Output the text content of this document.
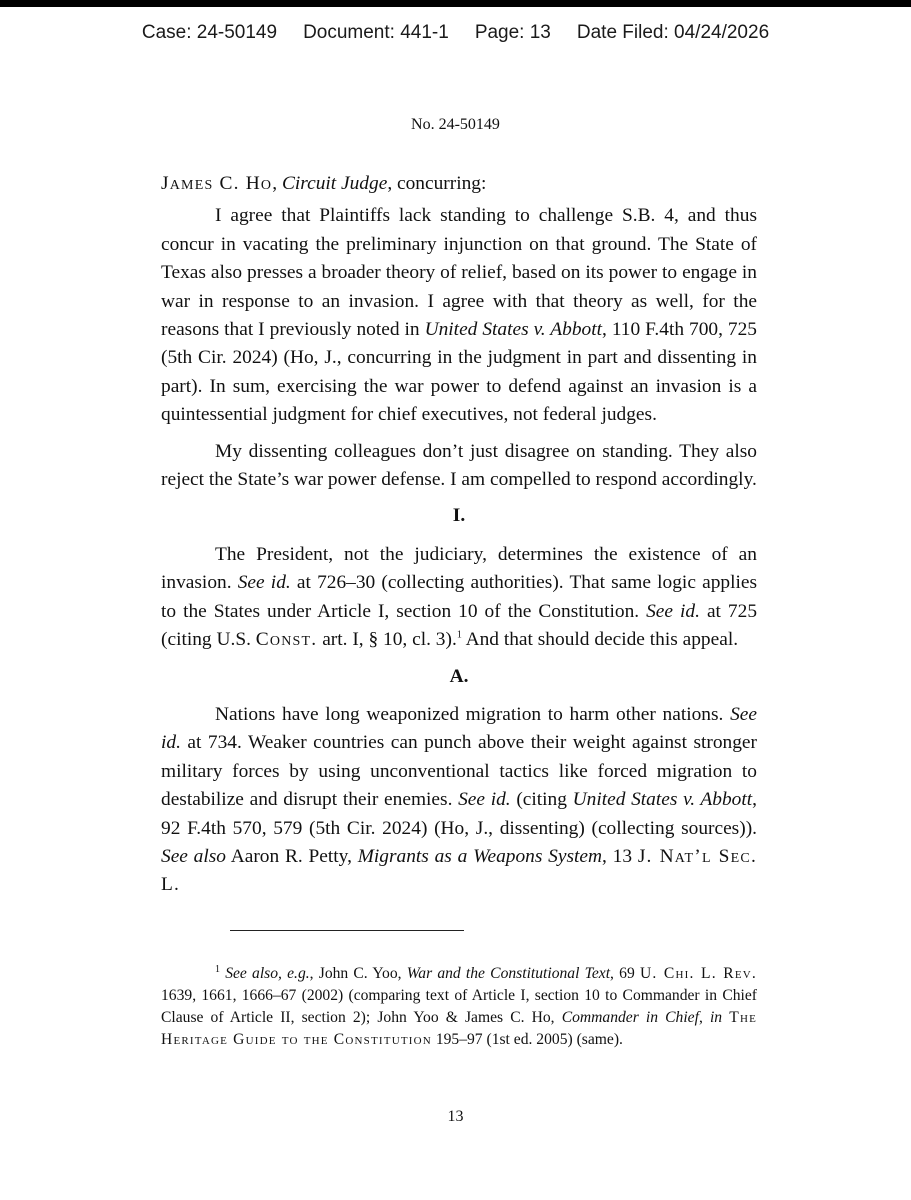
Case: 24-50149 Document: 441-1 Page: 13 Date Filed: 04/24/2026
No. 24-50149

James C. Ho, Circuit Judge, concurring:

I agree that Plaintiffs lack standing to challenge S.B. 4, and thus concur in vacating the preliminary injunction on that ground. The State of Texas also presses a broader theory of relief, based on its power to engage in war in response to an invasion. I agree with that theory as well, for the reasons that I previously noted in United States v. Abbott, 110 F.4th 700, 725 (5th Cir. 2024) (Ho, J., concurring in the judgment in part and dissenting in part). In sum, exercising the war power to defend against an invasion is a quintessential judgment for chief executives, not federal judges.

My dissenting colleagues don’t just disagree on standing. They also reject the State’s war power defense. I am compelled to respond accordingly.

I.

The President, not the judiciary, determines the existence of an invasion. See id. at 726–30 (collecting authorities). That same logic applies to the States under Article I, section 10 of the Constitution. See id. at 725 (citing U.S. Const. art. I, § 10, cl. 3).$^1$ And that should decide this appeal.

A.

Nations have long weaponized migration to harm other nations. See id. at 734. Weaker countries can punch above their weight against stronger military forces by using unconventional tactics like forced migration to destabilize and disrupt their enemies. See id. (citing United States v. Abbott, 92 F.4th 570, 579 (5th Cir. 2024) (Ho, J., dissenting) (collecting sources)). See also Aaron R. Petty, Migrants as a Weapons System, 13 J. Nat’l Sec. L.

$^1$ See also, e.g., John C. Yoo, War and the Constitutional Text, 69 U. Chi. L. Rev. 1639, 1661, 1666–67 (2002) (comparing text of Article I, section 10 to Commander in Chief Clause of Article II, section 2); John Yoo & James C. Ho, Commander in Chief, in The Heritage Guide to the Constitution 195–97 (1st ed. 2005) (same).

13
